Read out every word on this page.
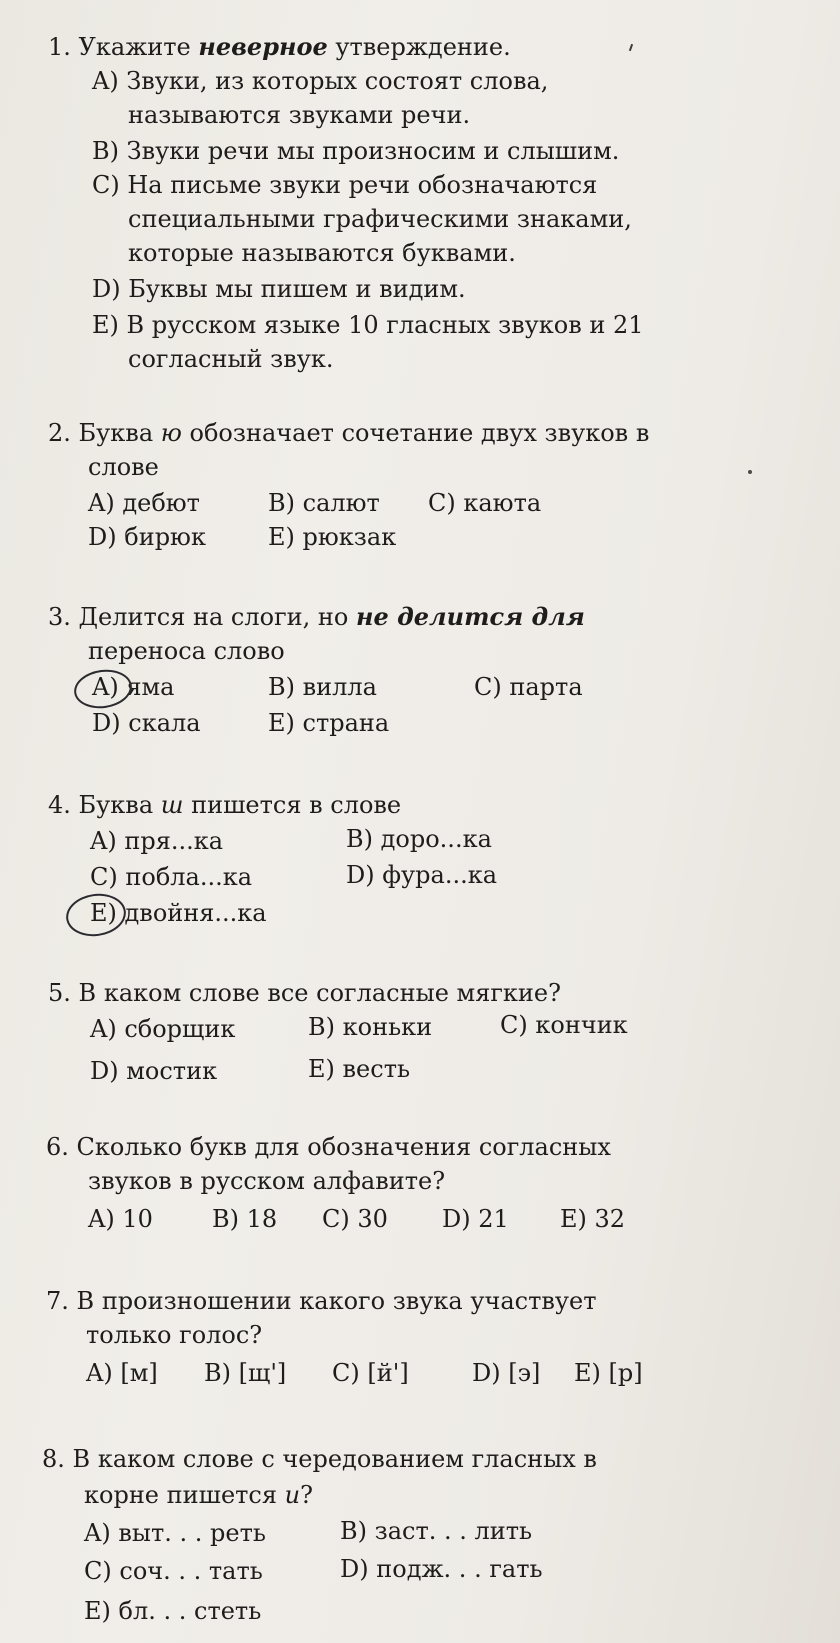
1. Укажите неверное утверждение.
A) Звуки, из которых состоят слова,
называются звуками речи.
B) Звуки речи мы произносим и слышим.
C) На письме звуки речи обозначаются
специальными графическими знаками,
которые называются буквами.
D) Буквы мы пишем и видим.
E) В русском языке 10 гласных звуков и 21
согласный звук.
2. Буква ю обозначает сочетание двух звуков в
слове
A) дебют	B) салют C) каюта
D) бирюк	E) рюкзак
3. Делится на слоги, но не делится для
переноса слово
A) яма	B) вилла	C) парта
D) скала	E) страна
4. Буква ш пишется в слове
A) пря...ка	B) доро...ка
C) побла...ка	D) фура...ка
E) двойня...ка
5. В каком слове все согласные мягкие?
A) сборщик	B) коньки	C) кончик
D) мостик	E) весть
6. Сколько букв для обозначения согласных
звуков в русском алфавите?
A) 10 B) 18 C) 30 D) 21 E) 32
7. В произношении какого звука участвует
только голос?
A) [м] B) [щ'] C) [й']	D) [э] E) [р]
8. В каком слове с чередованием гласных в
корне пишется и?
A) выт. . . реть	B) заст. . . лить
C) соч. . . тать	D) подж. . . гать
E) бл. . . стеть
